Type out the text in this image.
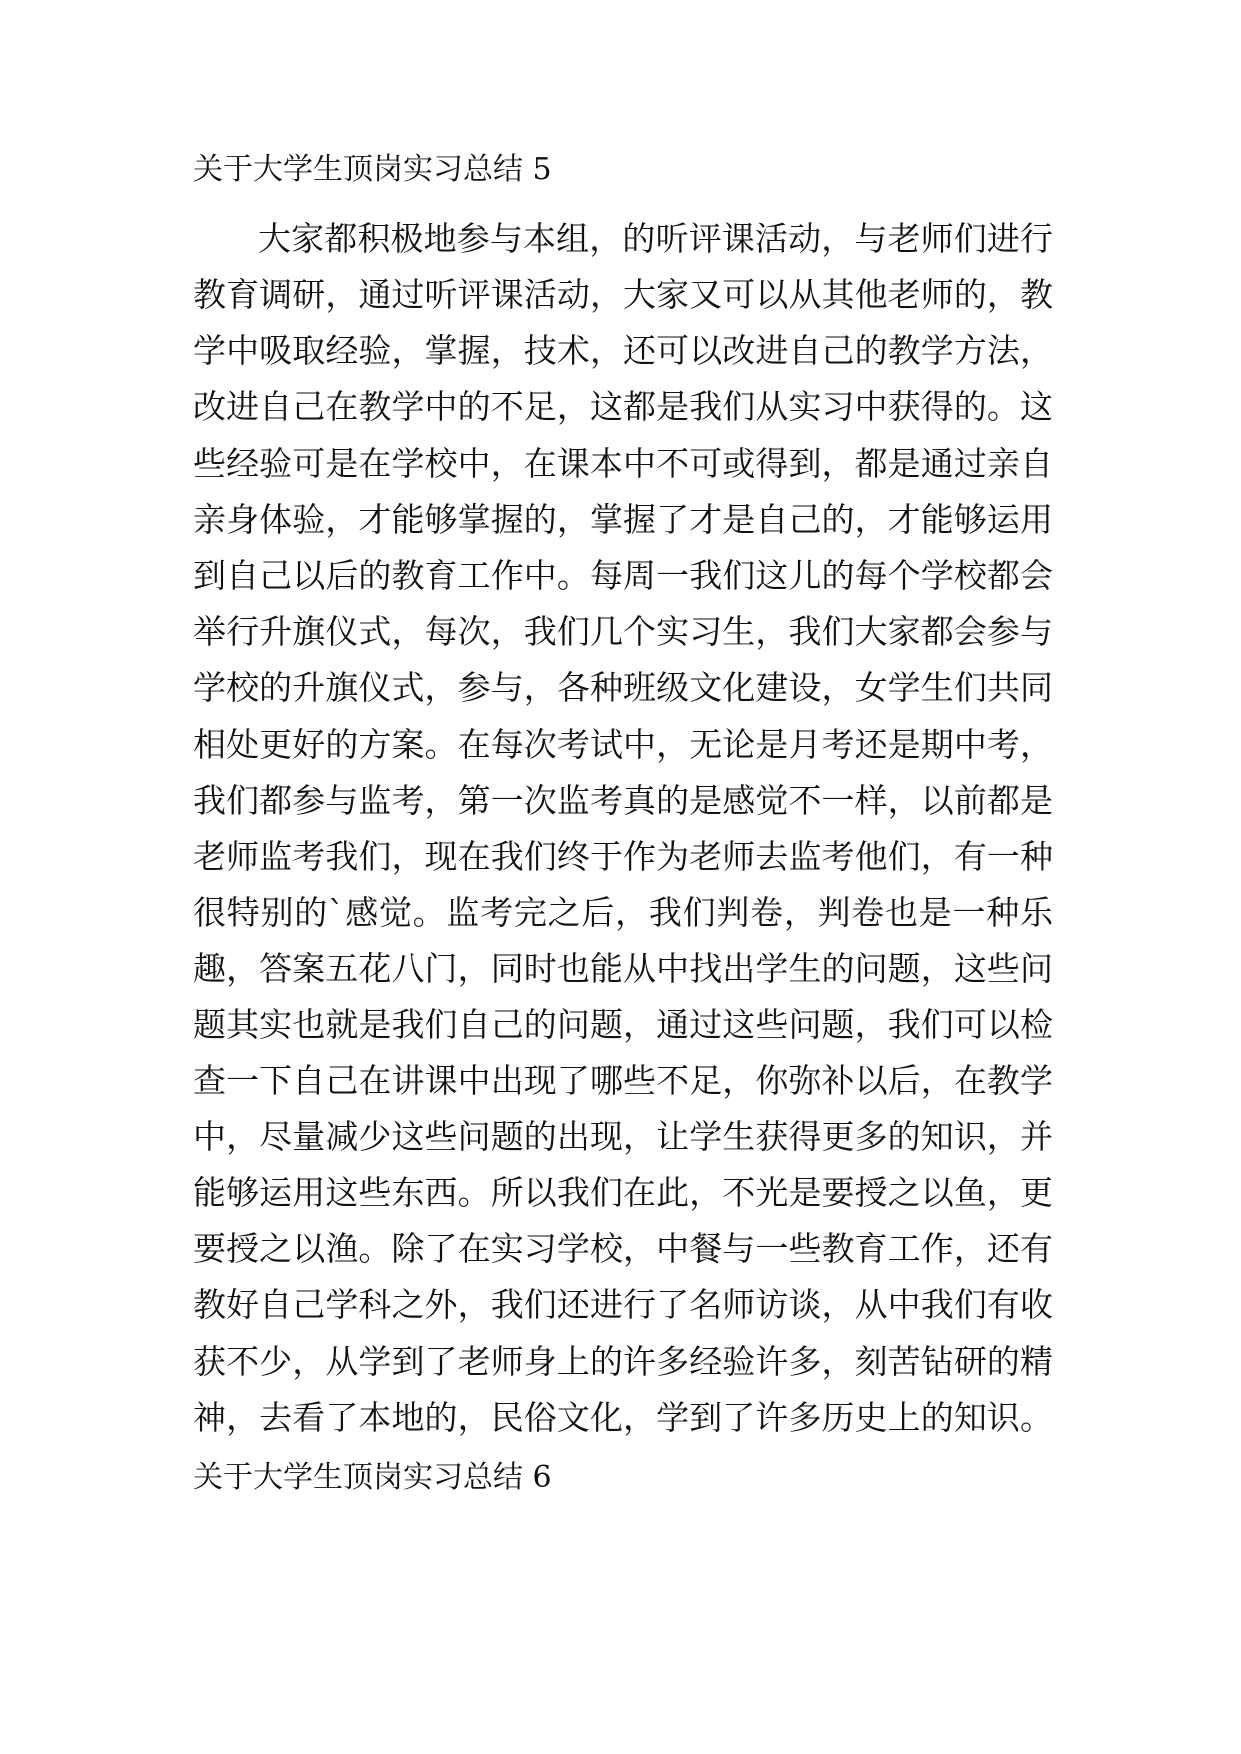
关于大学生顶岗实习总结 5
大家都积极地参与本组，的听评课活动，与老师们进行
教育调研，通过听评课活动，大家又可以从其他老师的，教
学中吸取经验，掌握，技术，还可以改进自己的教学方法，
改进自己在教学中的不足，这都是我们从实习中获得的。这
些经验可是在学校中，在课本中不可或得到，都是通过亲自
亲身体验，才能够掌握的，掌握了才是自己的，才能够运用
到自己以后的教育工作中。每周一我们这儿的每个学校都会
举行升旗仪式，每次，我们几个实习生，我们大家都会参与
学校的升旗仪式，参与，各种班级文化建设，女学生们共同
相处更好的方案。在每次考试中，无论是月考还是期中考，
我们都参与监考，第一次监考真的是感觉不一样，以前都是
老师监考我们，现在我们终于作为老师去监考他们，有一种
很特别的`感觉。监考完之后，我们判卷，判卷也是一种乐
趣，答案五花八门，同时也能从中找出学生的问题，这些问
题其实也就是我们自己的问题，通过这些问题，我们可以检
查一下自己在讲课中出现了哪些不足，你弥补以后，在教学
中，尽量减少这些问题的出现，让学生获得更多的知识，并
能够运用这些东西。所以我们在此，不光是要授之以鱼，更
要授之以渔。除了在实习学校，中餐与一些教育工作，还有
教好自己学科之外，我们还进行了名师访谈，从中我们有收
获不少，从学到了老师身上的许多经验许多，刻苦钻研的精
神，去看了本地的，民俗文化，学到了许多历史上的知识。
关于大学生顶岗实习总结 6
